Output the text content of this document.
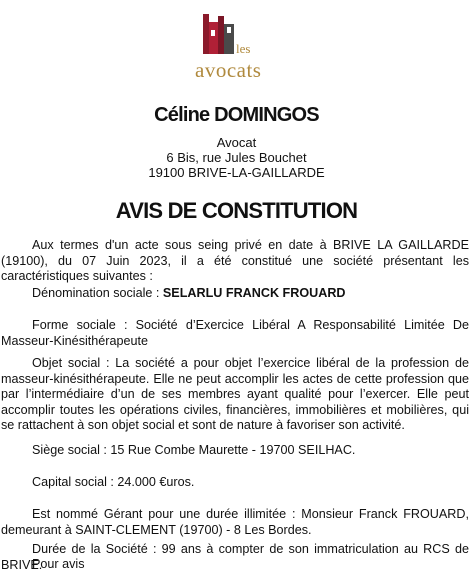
les
avocats
Céline DOMINGOS
Avocat
6 Bis, rue Jules Bouchet
19100 BRIVE-LA-GAILLARDE
AVIS DE CONSTITUTION

Aux termes d'un acte sous seing privé en date à BRIVE LA GAILLARDE (19100), du 07 Juin 2023, il a été constitué une société présentant les caractéristiques suivantes :

Dénomination sociale : SELARLU FRANCK FROUARD

Forme sociale : Société d’Exercice Libéral A Responsabilité Limitée De Masseur-Kinésithérapeute

Objet social : La société a pour objet l’exercice libéral de la profession de masseur-kinésithérapeute. Elle ne peut accomplir les actes de cette profession que par l’intermédiaire d’un de ses membres ayant qualité pour l’exercer. Elle peut accomplir toutes les opérations civiles, financières, immobilières et mobilières, qui se rattachent à son objet social et sont de nature à favoriser son activité.

Siège social : 15 Rue Combe Maurette - 19700 SEILHAC.

Capital social : 24.000 €uros.

Est nommé Gérant pour une durée illimitée : Monsieur Franck FROUARD, demeurant à SAINT-CLEMENT (19700) - 8 Les Bordes.

Durée de la Société : 99 ans à compter de son immatriculation au RCS de BRIVE.

Pour avis
